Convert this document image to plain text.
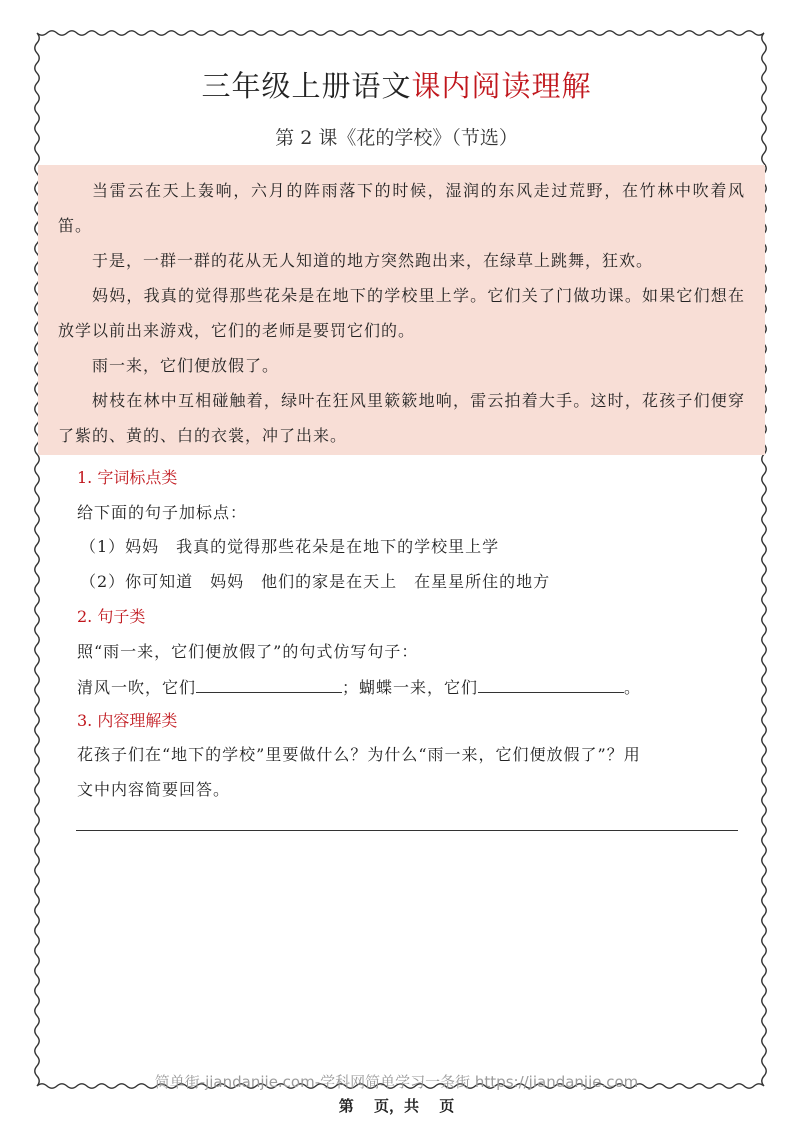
三年级上册语文课内阅读理解
第 2 课《花的学校》（节选）

当雷云在天上轰响，六月的阵雨落下的时候，湿润的东风走过荒野，在竹林中吹着风笛。

于是，一群一群的花从无人知道的地方突然跑出来，在绿草上跳舞，狂欢。

妈妈，我真的觉得那些花朵是在地下的学校里上学。它们关了门做功课。如果它们想在放学以前出来游戏，它们的老师是要罚它们的。

雨一来，它们便放假了。

树枝在林中互相碰触着，绿叶在狂风里簌簌地响，雷云拍着大手。这时，花孩子们便穿了紫的、黄的、白的衣裳，冲了出来。

1. 字词标点类
给下面的句子加标点：
（1）妈妈　我真的觉得那些花朵是在地下的学校里上学
（2）你可知道　妈妈　他们的家是在天上　在星星所住的地方
2. 句子类
照“雨一来，它们便放假了”的句式仿写句子：
清风一吹，它们	；蝴蝶一来，它们	。
3. 内容理解类
花孩子们在“地下的学校”里要做什么？为什么“雨一来，它们便放假了”？用
文中内容简要回答。
简单街-jiandanjie.com-学科网简单学习一条街 https://jiandanjie.com
第　 页，共　 页
